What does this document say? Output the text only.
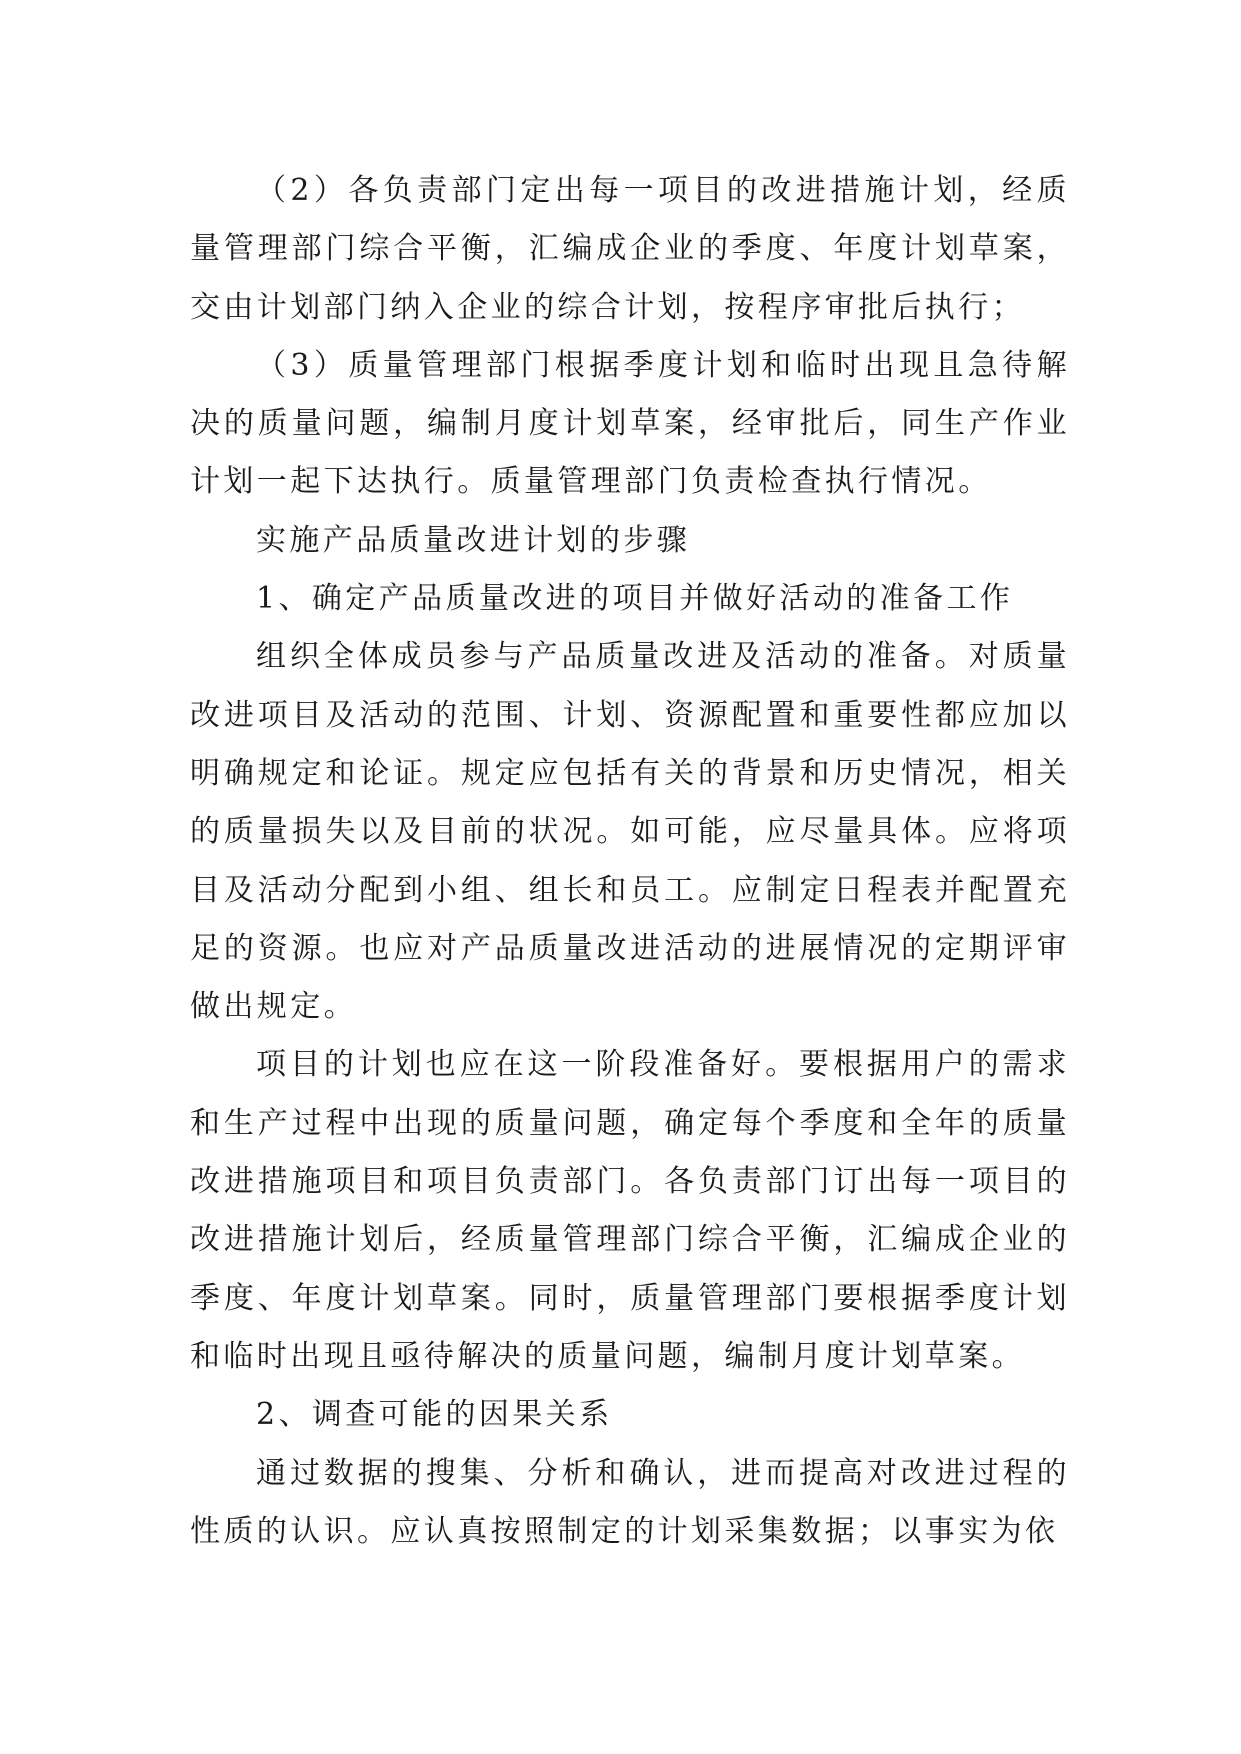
（2）各负责部门定出每一项目的改进措施计划，经质量管理部门综合平衡，汇编成企业的季度、年度计划草案，交由计划部门纳入企业的综合计划，按程序审批后执行；

（3）质量管理部门根据季度计划和临时出现且急待解决的质量问题，编制月度计划草案，经审批后，同生产作业计划一起下达执行。质量管理部门负责检查执行情况。

实施产品质量改进计划的步骤

1、确定产品质量改进的项目并做好活动的准备工作

组织全体成员参与产品质量改进及活动的准备。对质量改进项目及活动的范围、计划、资源配置和重要性都应加以明确规定和论证。规定应包括有关的背景和历史情况，相关的质量损失以及目前的状况。如可能，应尽量具体。应将项目及活动分配到小组、组长和员工。应制定日程表并配置充足的资源。也应对产品质量改进活动的进展情况的定期评审做出规定。

项目的计划也应在这一阶段准备好。要根据用户的需求和生产过程中出现的质量问题，确定每个季度和全年的质量改进措施项目和项目负责部门。各负责部门订出每一项目的改进措施计划后，经质量管理部门综合平衡，汇编成企业的季度、年度计划草案。同时，质量管理部门要根据季度计划和临时出现且亟待解决的质量问题，编制月度计划草案。

2、调查可能的因果关系

通过数据的搜集、分析和确认，进而提高对改进过程的性质的认识。应认真按照制定的计划采集数据；以事实为依
